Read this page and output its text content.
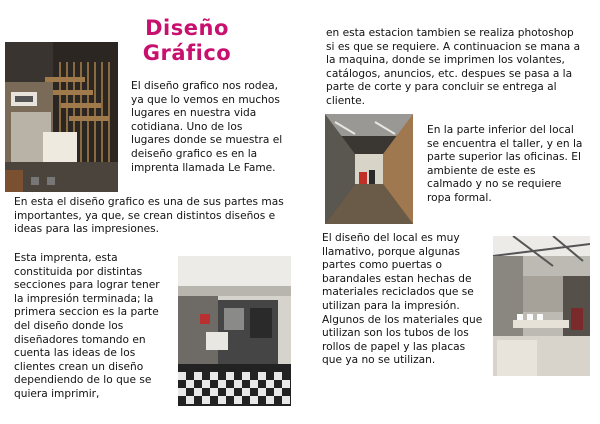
Diseño
Gráfico

El diseño grafico nos rodea, ya que lo vemos en muchos lugares en nuestra vida cotidiana. Uno de los lugares donde se muestra el deiseño grafico es en la imprenta llamada Le Fame.

En esta el diseño grafico es una de sus partes mas importantes, ya que, se crean distintos diseños e ideas para las impresiones.

Esta imprenta, esta constituida por distintas secciones para lograr tener la impresión terminada; la primera seccion es la parte del diseño donde los diseñadores tomando en cuenta las ideas de los clientes crean un diseño dependiendo de lo que se quiera imprimir,

en esta estacion tambien se realiza photoshop si es que se requiere. A continuacion se mana a la maquina, donde se imprimen los volantes, catálogos, anuncios, etc. despues se pasa a la parte de corte y para concluir se entrega al cliente.

En la parte inferior del local se encuentra el taller, y en la parte superior las oficinas. El ambiente de este es calmado y no se requiere ropa formal.

El diseño del local es muy llamativo, porque algunas partes como puertas o barandales estan hechas de materiales reciclados que se utilizan para la impresión. Algunos de los materiales que utilizan son los tubos de los rollos de papel y las placas que ya no se utilizan.
